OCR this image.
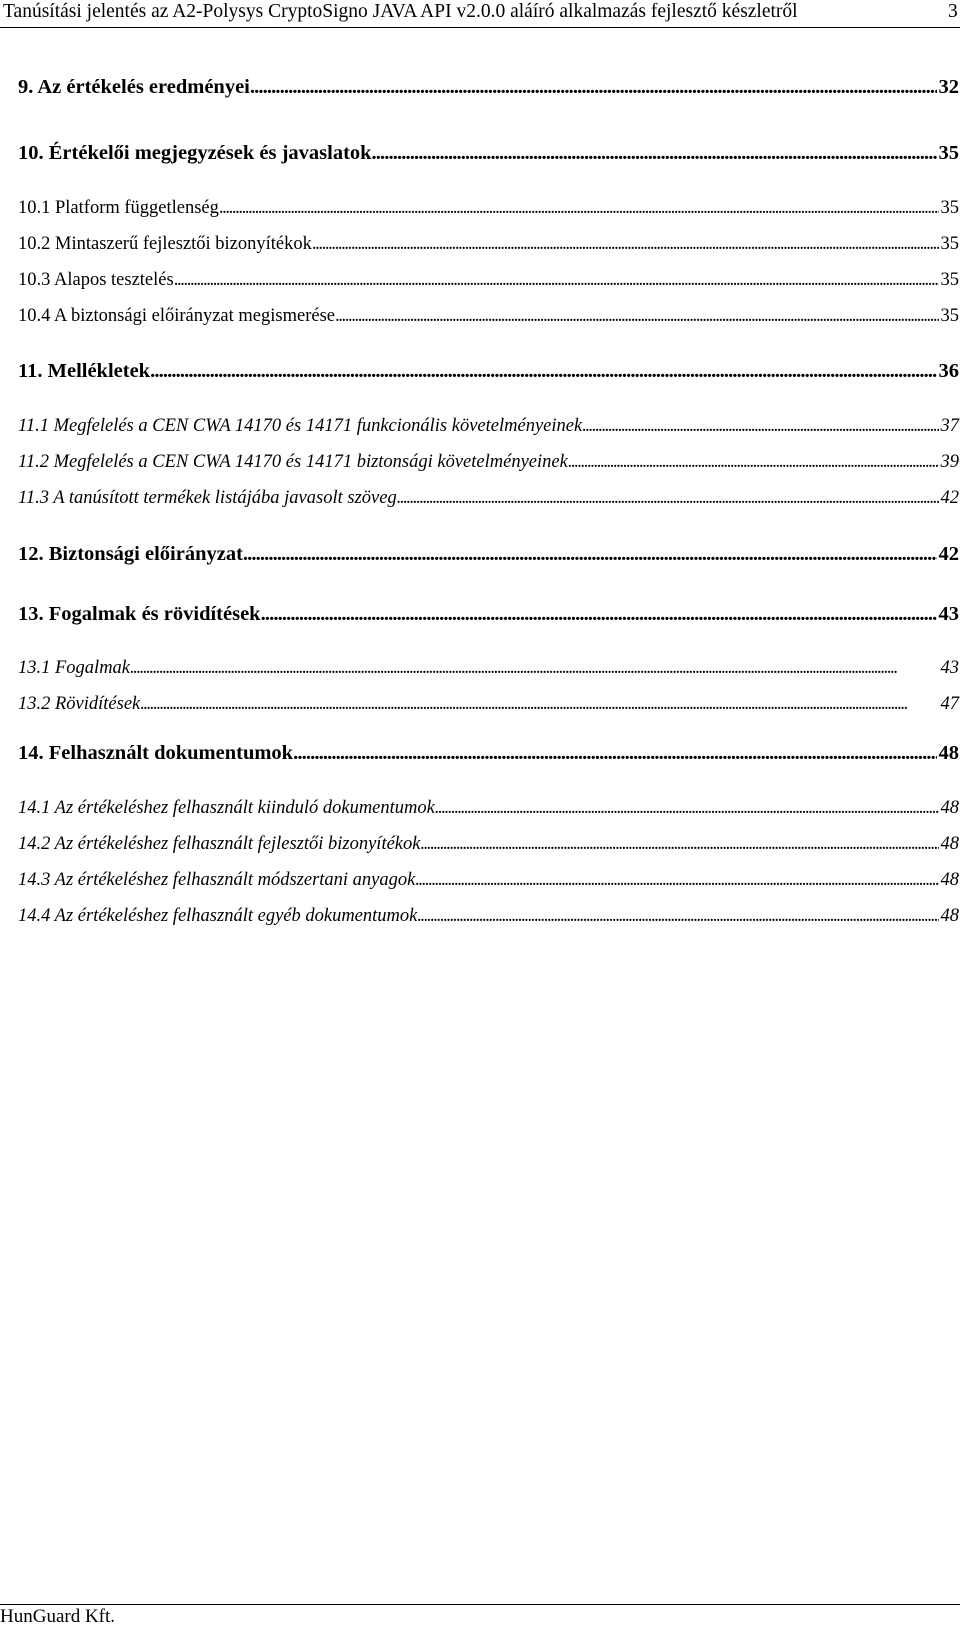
Tanúsítási jelentés az A2-Polysys CryptoSigno JAVA API v2.0.0 aláíró alkalmazás fejlesztő készletről	3
9. Az értékelés eredményei . . .	32
10. Értékelői megjegyzések és javaslatok . . .	35
10.1 Platform függetlenség . . .	35
10.2 Mintaszerű fejlesztői bizonyítékok . . .	35
10.3 Alapos tesztelés . . .	35
10.4 A biztonsági előirányzat megismerése . . .	35
11. Mellékletek . . .	36
11.1 Megfelelés a CEN CWA 14170 és 14171 funkcionális követelményeinek . . .	37
11.2 Megfelelés a CEN CWA 14170 és 14171 biztonsági követelményeinek . . .	39
11.3 A tanúsított termékek listájába javasolt szöveg . . .	42
12. Biztonsági előirányzat . . .	42
13. Fogalmak és rövidítések . . .	43
13.1 Fogalmak . . .	43
13.2 Rövidítések . . .	47
14. Felhasznált dokumentumok . . .	48
14.1 Az értékeléshez felhasznált kiinduló dokumentumok . . .	48
14.2 Az értékeléshez felhasznált fejlesztői bizonyítékok . . .	48
14.3 Az értékeléshez felhasznált módszertani anyagok . . .	48
14.4 Az értékeléshez felhasznált egyéb dokumentumok . . .	48
HunGuard Kft.
